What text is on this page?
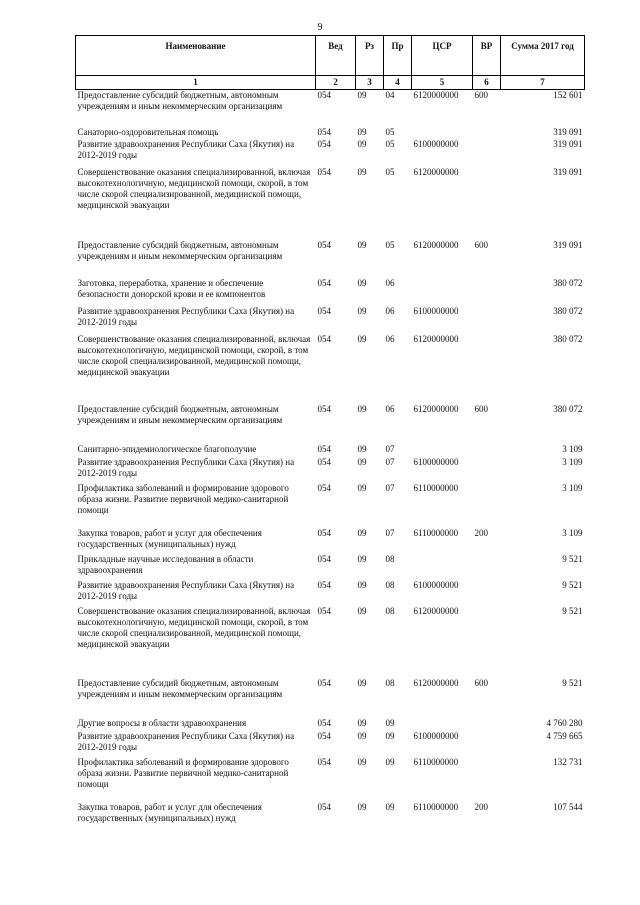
9
Наименование	Вед	Рз	Пр	ЦСР	ВР	Сумма 2017 год
1	2	3	4	5	6	7
Предоставление субсидий бюджетным, автономным учреждениям и иным некоммерческим организациям	054	09	04	6120000000	600	152 601
Санаторно-оздоровительная помощь	054	09	05			319 091
Развитие здравоохранения Республики Саха (Якутия) на 2012-2019 годы	054	09	05	6100000000		319 091
Совершенствование оказания специализированной, включая высокотехнологичную, медицинской помощи, скорой, в том числе скорой специализированной, медицинской помощи, медицинской эвакуации	054	09	05	6120000000		319 091
Предоставление субсидий бюджетным, автономным учреждениям и иным некоммерческим организациям	054	09	05	6120000000	600	319 091
Заготовка, переработка, хранение и обеспечение безопасности донорской крови и ее компонентов	054	09	06			380 072
Развитие здравоохранения Республики Саха (Якутия) на 2012-2019 годы	054	09	06	6100000000		380 072
Совершенствование оказания специализированной, включая высокотехнологичную, медицинской помощи, скорой, в том числе скорой специализированной, медицинской помощи, медицинской эвакуации	054	09	06	6120000000		380 072
Предоставление субсидий бюджетным, автономным учреждениям и иным некоммерческим организациям	054	09	06	6120000000	600	380 072
Санитарно-эпидемиологическое благополучие	054	09	07			3 109
Развитие здравоохранения Республики Саха (Якутия) на 2012-2019 годы	054	09	07	6100000000		3 109
Профилактика заболеваний и формирование здорового образа жизни. Развитие первичной медико-санитарной помощи	054	09	07	6110000000		3 109
Закупка товаров, работ и услуг для обеспечения государственных (муниципальных) нужд	054	09	07	6110000000	200	3 109
Прикладные научные исследования в области здравоохранения	054	09	08			9 521
Развитие здравоохранения Республики Саха (Якутия) на 2012-2019 годы	054	09	08	6100000000		9 521
Совершенствование оказания специализированной, включая высокотехнологичную, медицинской помощи, скорой, в том числе скорой специализированной, медицинской помощи, медицинской эвакуации	054	09	08	6120000000		9 521
Предоставление субсидий бюджетным, автономным учреждениям и иным некоммерческим организациям	054	09	08	6120000000	600	9 521
Другие вопросы в области здравоохранения	054	09	09			4 760 280
Развитие здравоохранения Республики Саха (Якутия) на 2012-2019 годы	054	09	09	6100000000		4 759 665
Профилактика заболеваний и формирование здорового образа жизни. Развитие первичной медико-санитарной помощи	054	09	09	6110000000		132 731
Закупка товаров, работ и услуг для обеспечения государственных (муниципальных) нужд	054	09	09	6110000000	200	107 544
